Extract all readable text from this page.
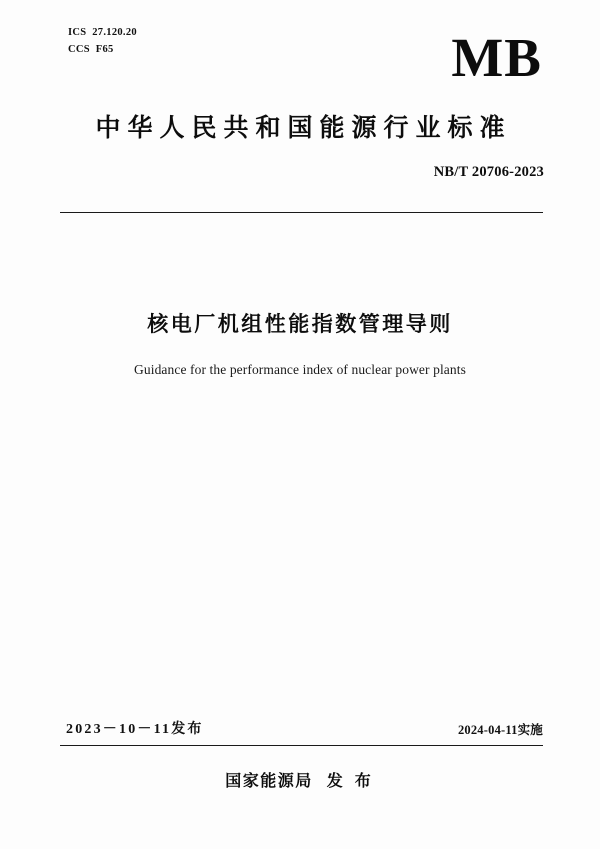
ICS  27.120.20
CCS  F65	MB
中华人民共和国能源行业标准
NB/T 20706-2023
核电厂机组性能指数管理导则
Guidance for the performance index of nuclear power plants
2023－10－11发布	2024-04-11实施
国家能源局 发 布
